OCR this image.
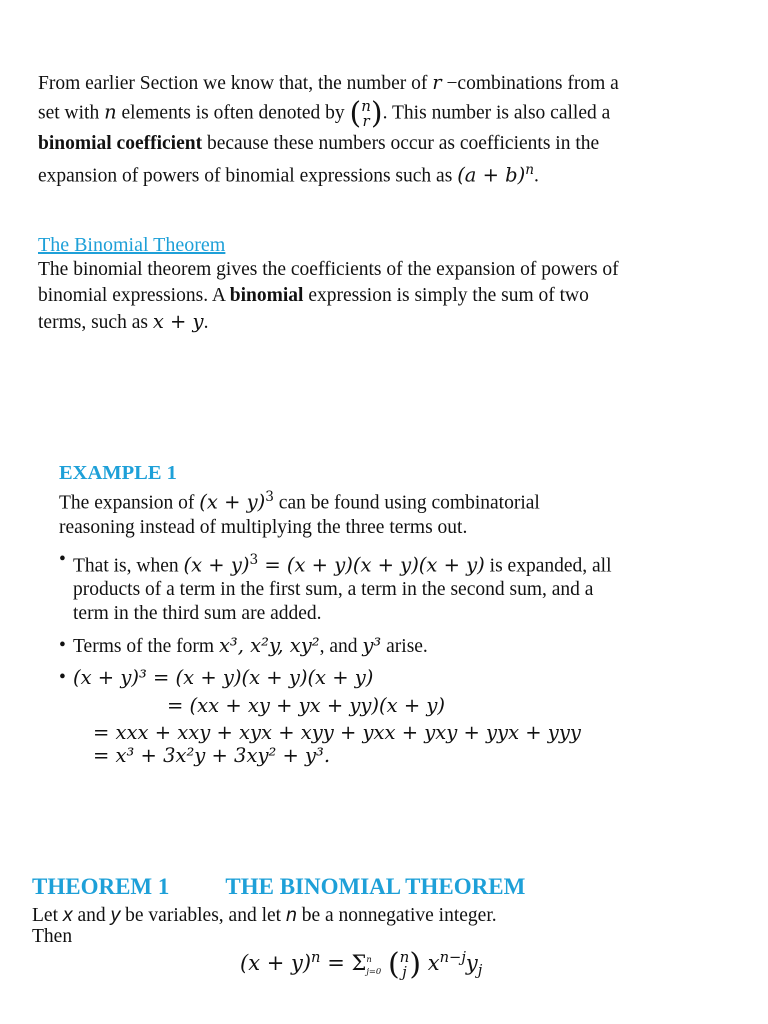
From earlier Section we know that, the number of r −combinations from a
set with n elements is often denoted by ( n
r ) . This number is also called a
binomial coefficient because these numbers occur as coefficients in the
expansion of powers of binomial expressions such as $(a + b)^n$.
The Binomial Theorem
The binomial theorem gives the coefficients of the expansion of powers of
binomial expressions. A binomial expression is simply the sum of two
terms, such as x + y.
EXAMPLE 1
The expansion of $(x + y)^3$ can be found using combinatorial
reasoning instead of multiplying the three terms out.
• That is, when $(x + y)^3 = (x + y)(x + y)(x + y)$ is expanded, all
products of a term in the first sum, a term in the second sum, and a
term in the third sum are added.
• Terms of the form x³, x²y, xy², and y³ arise.
• (x + y)³ = (x + y)(x + y)(x + y)
= (xx + xy + yx + yy)(x + y)
= xxx + xxy + xyx + xyy + yxx + yxy + yyx + yyy
= x³ + 3x²y + 3xy² + y³.
THEOREM 1 THE BINOMIAL THEOREM
Let x and y be variables, and let n be a nonnegative integer.
Then
$(x + y)^n = \Sigma$ n
j=0
( n
j ) $x^{n-j}y_j$
